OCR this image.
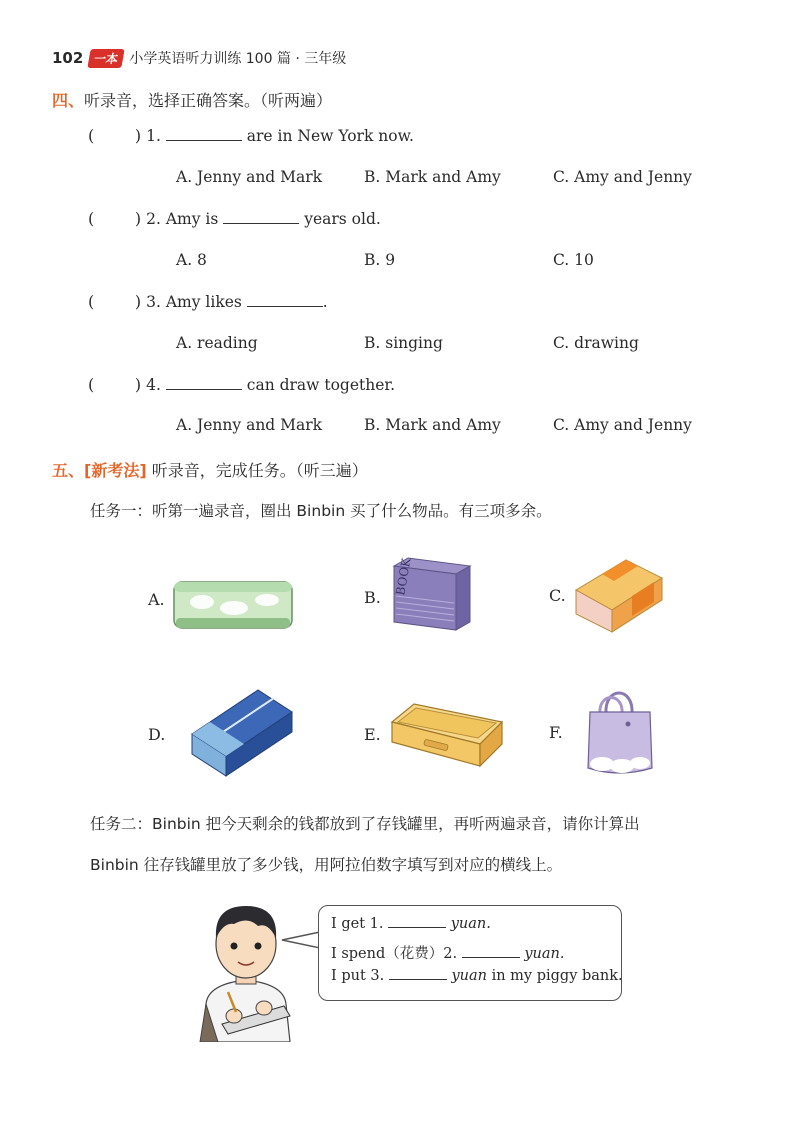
102 一本 小学英语听力训练 100 篇 · 三年级
四、听录音，选择正确答案。（听两遍）
(        ) 1.	are in New York now.
A. Jenny and Mark	B. Mark and Amy	C. Amy and Jenny
(        ) 2. Amy is	years old.
A. 8	B. 9	C. 10
(        ) 3. Amy likes	.
A. reading	B. singing	C. drawing
(        ) 4.	can draw together.
A. Jenny and Mark	B. Mark and Amy	C. Amy and Jenny
五、[新考法] 听录音，完成任务。（听三遍）
任务一：听第一遍录音，圈出 Binbin 买了什么物品。有三项多余。
A.	B.
BOOK	C.
D.	E.	F.
任务二：Binbin 把今天剩余的钱都放到了存钱罐里，再听两遍录音，请你计算出
Binbin 往存钱罐里放了多少钱，用阿拉伯数字填写到对应的横线上。
I get 1.	yuan.
I spend（花费）2.	yuan.
I put 3.	yuan in my piggy bank.
